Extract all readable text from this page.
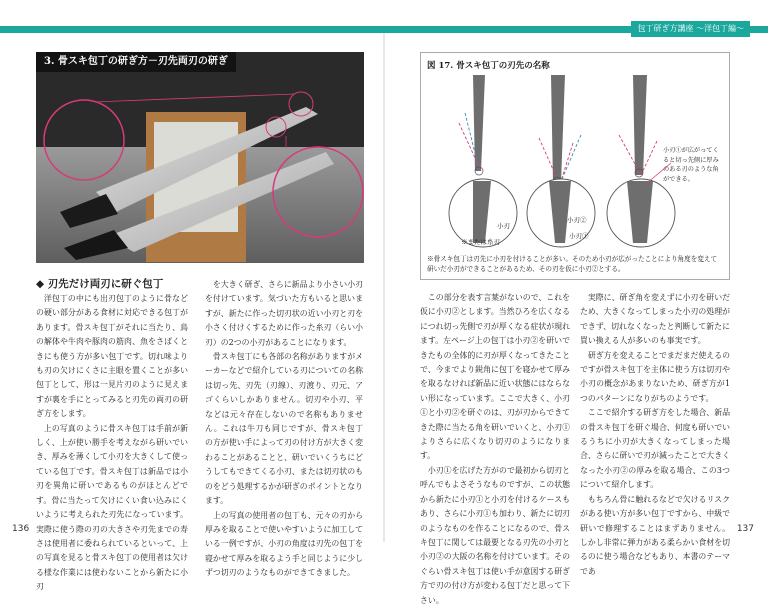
包丁研ぎ方講座 〜洋包丁編〜
3. 骨スキ包丁の研ぎ方－刃先両刃の研ぎ
◆ 刃先だけ両刃に研ぐ包丁

洋包丁の中にも出刃包丁のように骨などの硬い部分がある食材に対応できる包丁があります。骨スキ包丁がそれに当たり、鳥の解体や牛肉や豚肉の筋肉、魚をさばくときにも使う方が多い包丁です。切れ味よりも刃の欠けにくさに主眼を置くことが多い包丁として、形は一見片刃のように見えますが裏を手にとってみると刃先の両刃の研ぎ方をします。

上の写真のように骨スキ包丁は手前が新しく、上が使い勝手を考えながら研いでいき、厚みを薄くして小刃を大きくして使っている包丁です。骨スキ包丁は新品では小刃を異角に研いであるものがほとんどです。骨に当たって欠けにくい食い込みにくいように考えられた刃先になっています。実際に使う際の刃の大きさや刃先までの寿さは使用者に委ねられているといって、上の写真を見ると骨スキ包丁の使用者は欠ける様な作業には使わないことから新たに小刃

を大きく研ぎ、さらに新品より小さい小刃を付けています。気づいた方もいると思いますが、新たに作った切刃状の近い小刃と刃を小さく付けくするために作った糸刃（らい小刃）の2つの小刃があることになります。

骨スキ包丁にも各部の名称がありますがメーカーなどで紹介している刃についての名称は切っ先、刃先（刃線）、刃渡り、刃元、アゴくらいしかありません。切刃や小刃、平などは元々存在しないので名称もありません。これは牛刀も同じですが、骨スキ包丁の方が使い手によって刃の付け方が大きく変わることがあることと、研いでいくうちにどうしてもできてくる小刃、または切刃状のものをどう処理するかが研ぎのポイントとなります。

上の写真の使用者の包丁も、元々の刃から厚みを取ることで使いやすいように加工している一例ですが、小刃の角度は刃先の包丁を寝かせて厚みを取るよう手と同じように少しずつ切刃のようなものができてきました。

136
図 17. 骨スキ包丁の刃先の名称
小刃①が広がってくると切っ先側に厚みのある刃のような角ができる。
小刃
※または糸刃
小刃②
小刃①
※骨スキ包丁は刃先に小刃を付けることが多い。そのため小刃が広がったことにより角度を変えて研いだ小刃ができることがあるため、その刃を仮に小刃②とする。

この部分を表す言葉がないので、これを仮に小刃②とします。当然ひろを広くなるにつれ切っ先側で刃が厚くなる症状が現れます。左ページ上の包丁は小刃②を研いできたもの全体的に刃が厚くなってきたことで、今までより鋭角に包丁を寝かせて厚みを取るなければ新品に近い状態にはならない形になっています。ここで大きく、小刃①と小刃②を研ぐのは、刃が刃からできてきた際に当たる角を研いでいくと、小刃①よりさらに広くなり切刃のようになります。

小刃①を広げた方がので最初から切刃と呼んでもよさそうなものですが、この状態から新たに小刃①と小刃を付けるケースもあり、さらに小刃①も加わり、新たに切刃のようなものを作ることになるので、骨スキ包丁に関しては最要となる刃先の小刃と小刃②の大阪の名称を付けています。そのぐらい骨スキ包丁は使い手が意図する研ぎ方で刃の付け方が変わる包丁だと思って下さい。

実際に、研ぎ角を変えずに小刃を研いだため、大きくなってしまった小刃の処理ができず、切れなくなったと判断して新たに買い換える人が多いのも事実です。

研ぎ方を変えることでまだまだ使えるのですが骨スキ包丁を主体に使う方は切刃や小刃の概念があまりないため、研ぎ方が1つのパターンになりがちのようです。

ここで紹介する研ぎ方をした場合、新品の骨スキ包丁を研ぐ場合、何度も研いでいるうちに小刃が大きくなってしまった場合、さらに研いで刃が減ったことで大きくなった小刃②の厚みを取る場合、この3つについて紹介します。

もちろん骨に触れるなどで欠けるリスクがある使い方が多い包丁ですから、中級で研いで修理することはまずありません。しかし非常に弾力がある柔らかい食材を切るのに使う場合などもあり、本書のテーマであ

137
